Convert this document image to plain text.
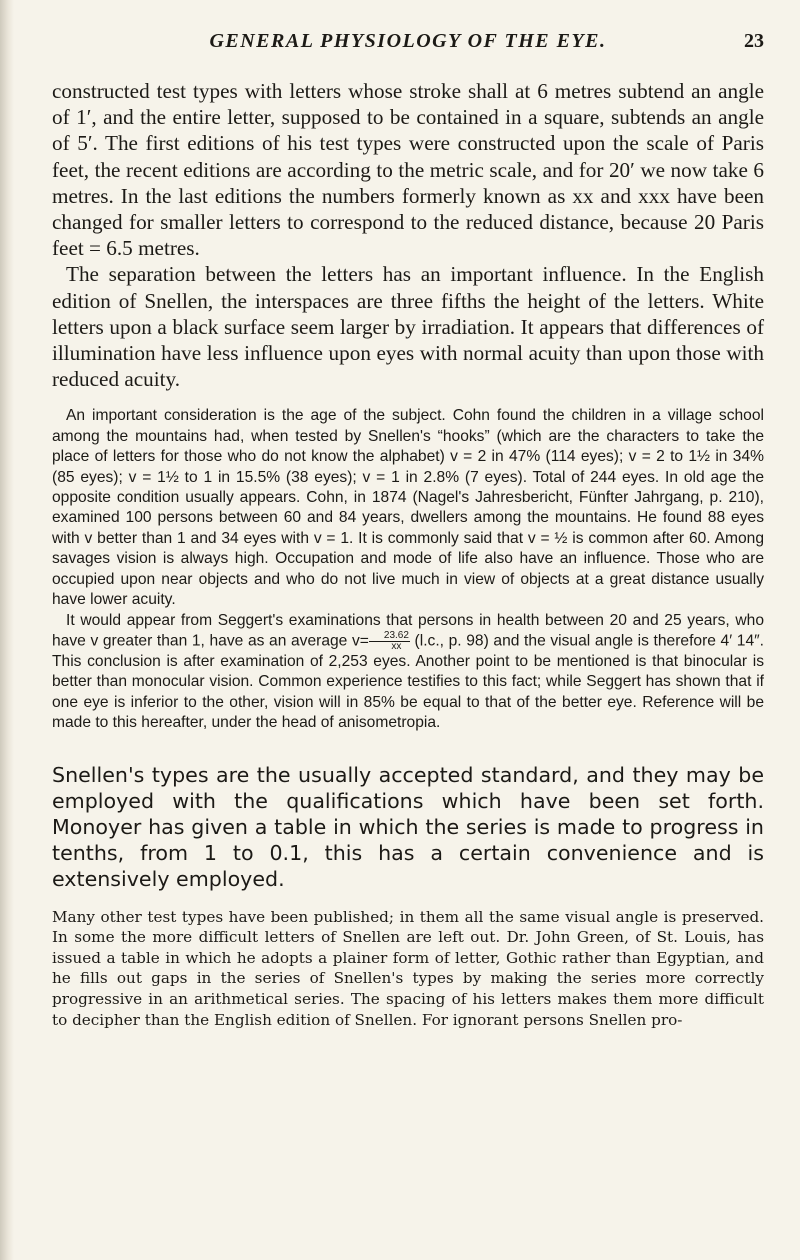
GENERAL PHYSIOLOGY OF THE EYE.	23

constructed test types with letters whose stroke shall at 6 metres subtend an angle of 1′, and the entire letter, supposed to be contained in a square, subtends an angle of 5′. The first editions of his test types were constructed upon the scale of Paris feet, the recent editions are according to the metric scale, and for 20′ we now take 6 metres. In the last editions the numbers formerly known as xx and xxx have been changed for smaller letters to correspond to the reduced distance, because 20 Paris feet = 6.5 metres.

The separation between the letters has an important influence. In the English edition of Snellen, the interspaces are three fifths the height of the letters. White letters upon a black surface seem larger by irradiation. It appears that differences of illumination have less influence upon eyes with normal acuity than upon those with reduced acuity.

An important consideration is the age of the subject. Cohn found the children in a village school among the mountains had, when tested by Snellen's “hooks” (which are the characters to take the place of letters for those who do not know the alphabet) v = 2 in 47% (114 eyes); v = 2 to 1½ in 34% (85 eyes); v = 1½ to 1 in 15.5% (38 eyes); v = 1 in 2.8% (7 eyes). Total of 244 eyes. In old age the opposite condition usually appears. Cohn, in 1874 (Nagel's Jahresbericht, Fünfter Jahrgang, p. 210), examined 100 persons between 60 and 84 years, dwellers among the mountains. He found 88 eyes with v better than 1 and 34 eyes with v = 1. It is commonly said that v = ½ is common after 60. Among savages vision is always high. Occupation and mode of life also have an influence. Those who are occupied upon near objects and who do not live much in view of objects at a great distance usually have lower acuity.

It would appear from Seggert's examinations that persons in health between 20 and 25 years, who have v greater than 1, have as an average $v= \frac{23.62}{xx} (l.c$., p. 98) and the visual angle is therefore 4′ 14″. This conclusion is after examination of 2,253 eyes. Another point to be mentioned is that binocular is better than monocular vision. Common experience testifies to this fact; while Seggert has shown that if one eye is inferior to the other, vision will in 85% be equal to that of the better eye. Reference will be made to this hereafter, under the head of anisometropia.

Snellen's types are the usually accepted standard, and they may be employed with the qualifications which have been set forth. Monoyer has given a table in which the series is made to progress in tenths, from 1 to 0.1, this has a certain convenience and is extensively employed.

Many other test types have been published; in them all the same visual angle is preserved. In some the more difficult letters of Snellen are left out. Dr. John Green, of St. Louis, has issued a table in which he adopts a plainer form of letter, Gothic rather than Egyptian, and he fills out gaps in the series of Snellen's types by making the series more correctly progressive in an arithmetical series. The spacing of his letters makes them more difficult to decipher than the English edition of Snellen. For ignorant persons Snellen pro-
